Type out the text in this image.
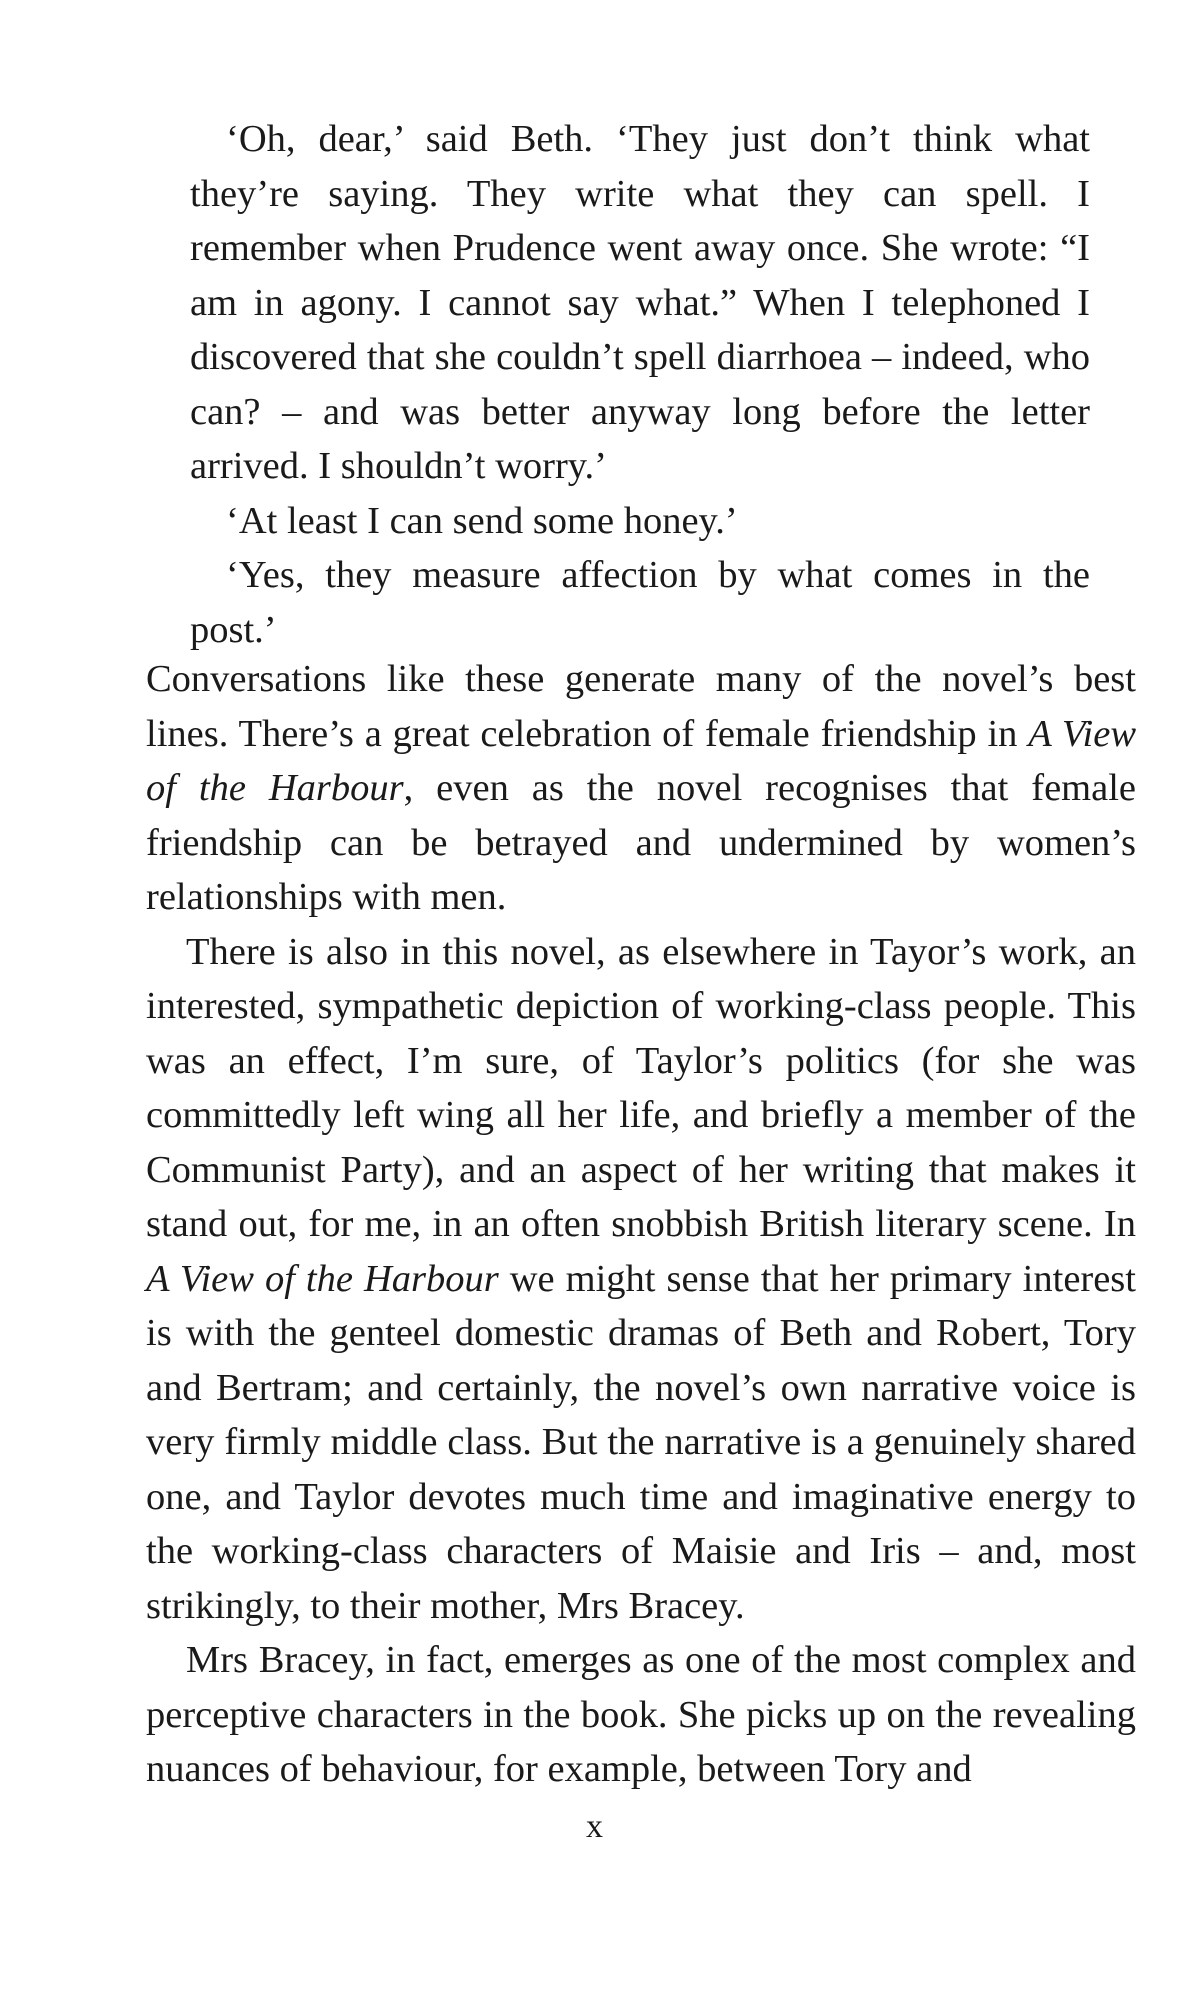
‘Oh, dear,’ said Beth. ‘They just don’t think what they’re saying. They write what they can spell. I remember when Prudence went away once. She wrote: “I am in agony. I cannot say what.” When I telephoned I discovered that she couldn’t spell diarrhoea – indeed, who can? – and was better anyway long before the letter arrived. I shouldn’t worry.’

‘At least I can send some honey.’

‘Yes, they measure affection by what comes in the post.’

Conversations like these generate many of the novel’s best lines. There’s a great celebration of female friendship in A View of the Harbour, even as the novel recognises that female friendship can be betrayed and undermined by women’s relationships with men.

There is also in this novel, as elsewhere in Tayor’s work, an interested, sympathetic depiction of working-class people. This was an effect, I’m sure, of Taylor’s politics (for she was committedly left wing all her life, and briefly a member of the Communist Party), and an aspect of her writing that makes it stand out, for me, in an often snobbish British literary scene. In A View of the Harbour we might sense that her primary interest is with the genteel domestic dramas of Beth and Robert, Tory and Bertram; and certainly, the novel’s own narrative voice is very firmly middle class. But the narrative is a genuinely shared one, and Taylor devotes much time and imaginative energy to the working-class characters of Maisie and Iris – and, most strikingly, to their mother, Mrs Bracey.

Mrs Bracey, in fact, emerges as one of the most complex and perceptive characters in the book. She picks up on the revealing nuances of behaviour, for example, between Tory and

x
